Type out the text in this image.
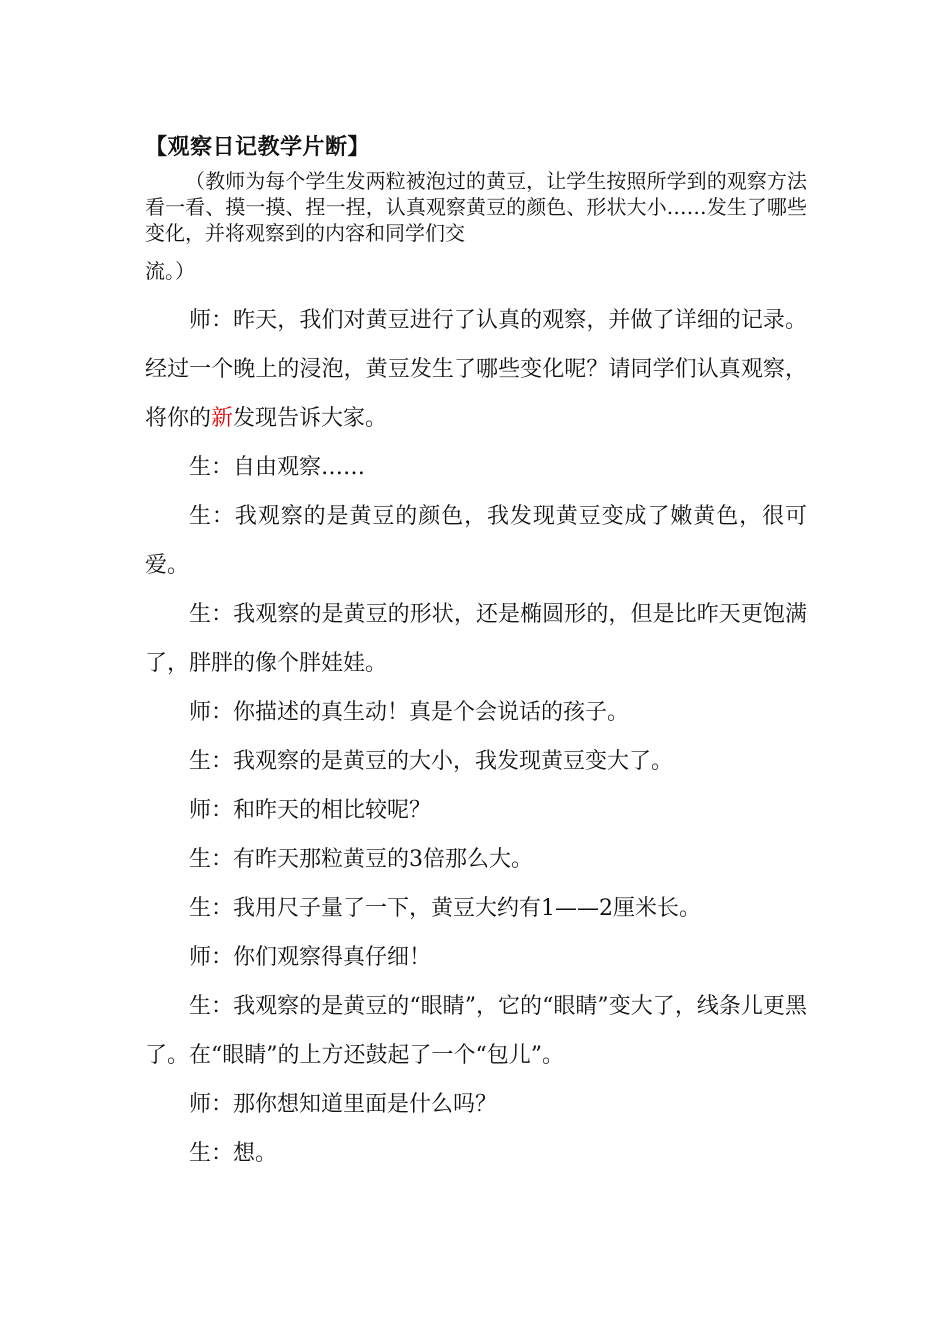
【观察日记教学片断】

（教师为每个学生发两粒被泡过的黄豆，让学生按照所学到的观察方法看一看、摸一摸、捏一捏，认真观察黄豆的颜色、形状大小……发生了哪些变化，并将观察到的内容和同学们交
流。）

师：昨天，我们对黄豆进行了认真的观察，并做了详细的记录。经过一个晚上的浸泡，黄豆发生了哪些变化呢？请同学们认真观察，将你的新发现告诉大家。

生：自由观察……

生：我观察的是黄豆的颜色，我发现黄豆变成了嫩黄色，很可爱。

生：我观察的是黄豆的形状，还是椭圆形的，但是比昨天更饱满了，胖胖的像个胖娃娃。

师：你描述的真生动！真是个会说话的孩子。

生：我观察的是黄豆的大小，我发现黄豆变大了。

师：和昨天的相比较呢？

生：有昨天那粒黄豆的3倍那么大。

生：我用尺子量了一下，黄豆大约有1——2厘米长。

师：你们观察得真仔细！

生：我观察的是黄豆的“眼睛”，它的“眼睛”变大了，线条儿更黑了。在“眼睛”的上方还鼓起了一个“包儿”。

师：那你想知道里面是什么吗？

生：想。
